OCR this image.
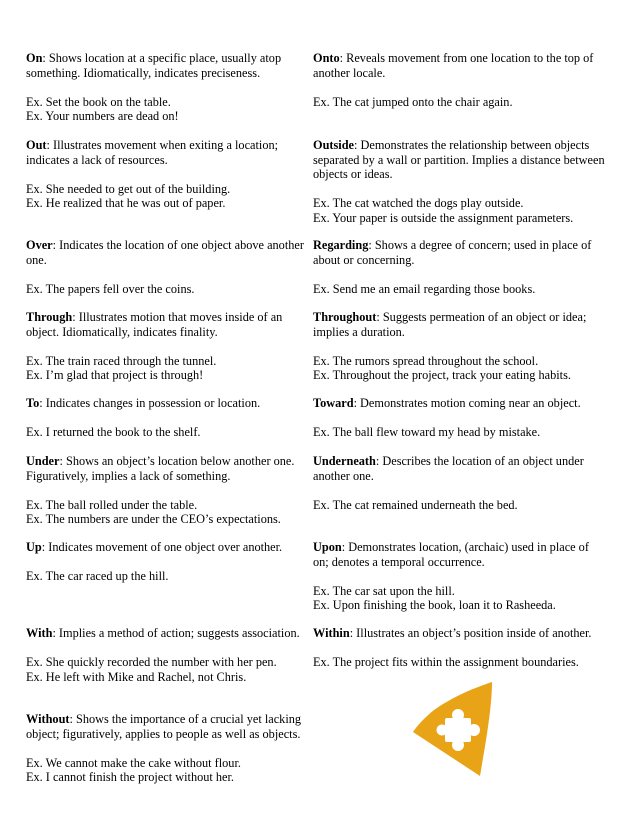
On: Shows location at a specific place, usually atop something. Idiomatically, indicates preciseness.

Ex. Set the book on the table.
Ex. Your numbers are dead on!

Out: Illustrates movement when exiting a location; indicates a lack of resources.

Ex. She needed to get out of the building.
Ex. He realized that he was out of paper.

Over: Indicates the location of one object above another one.

Ex. The papers fell over the coins.

Through: Illustrates motion that moves inside of an object. Idiomatically, indicates finality.

Ex. The train raced through the tunnel.
Ex. I’m glad that project is through!

To: Indicates changes in possession or location.

Ex. I returned the book to the shelf.

Under: Shows an object’s location below another one. Figuratively, implies a lack of something.

Ex. The ball rolled under the table.
Ex. The numbers are under the CEO’s expectations.

Up: Indicates movement of one object over another.

Ex. The car raced up the hill.

With: Implies a method of action; suggests association.

Ex. She quickly recorded the number with her pen.
Ex. He left with Mike and Rachel, not Chris.

Without: Shows the importance of a crucial yet lacking object; figuratively, applies to people as well as objects.

Ex. We cannot make the cake without flour.
Ex. I cannot finish the project without her.

Onto: Reveals movement from one location to the top of another locale.

Ex. The cat jumped onto the chair again.

Outside: Demonstrates the relationship between objects separated by a wall or partition. Implies a distance between objects or ideas.

Ex. The cat watched the dogs play outside.
Ex. Your paper is outside the assignment parameters.

Regarding: Shows a degree of concern; used in place of about or concerning.

Ex. Send me an email regarding those books.

Throughout: Suggests permeation of an object or idea; implies a duration.

Ex. The rumors spread throughout the school.
Ex. Throughout the project, track your eating habits.

Toward: Demonstrates motion coming near an object.

Ex. The ball flew toward my head by mistake.

Underneath: Describes the location of an object under another one.

Ex. The cat remained underneath the bed.

Upon: Demonstrates location, (archaic) used in place of on; denotes a temporal occurrence.

Ex. The car sat upon the hill.
Ex. Upon finishing the book, loan it to Rasheeda.

Within: Illustrates an object’s position inside of another.

Ex. The project fits within the assignment boundaries.
